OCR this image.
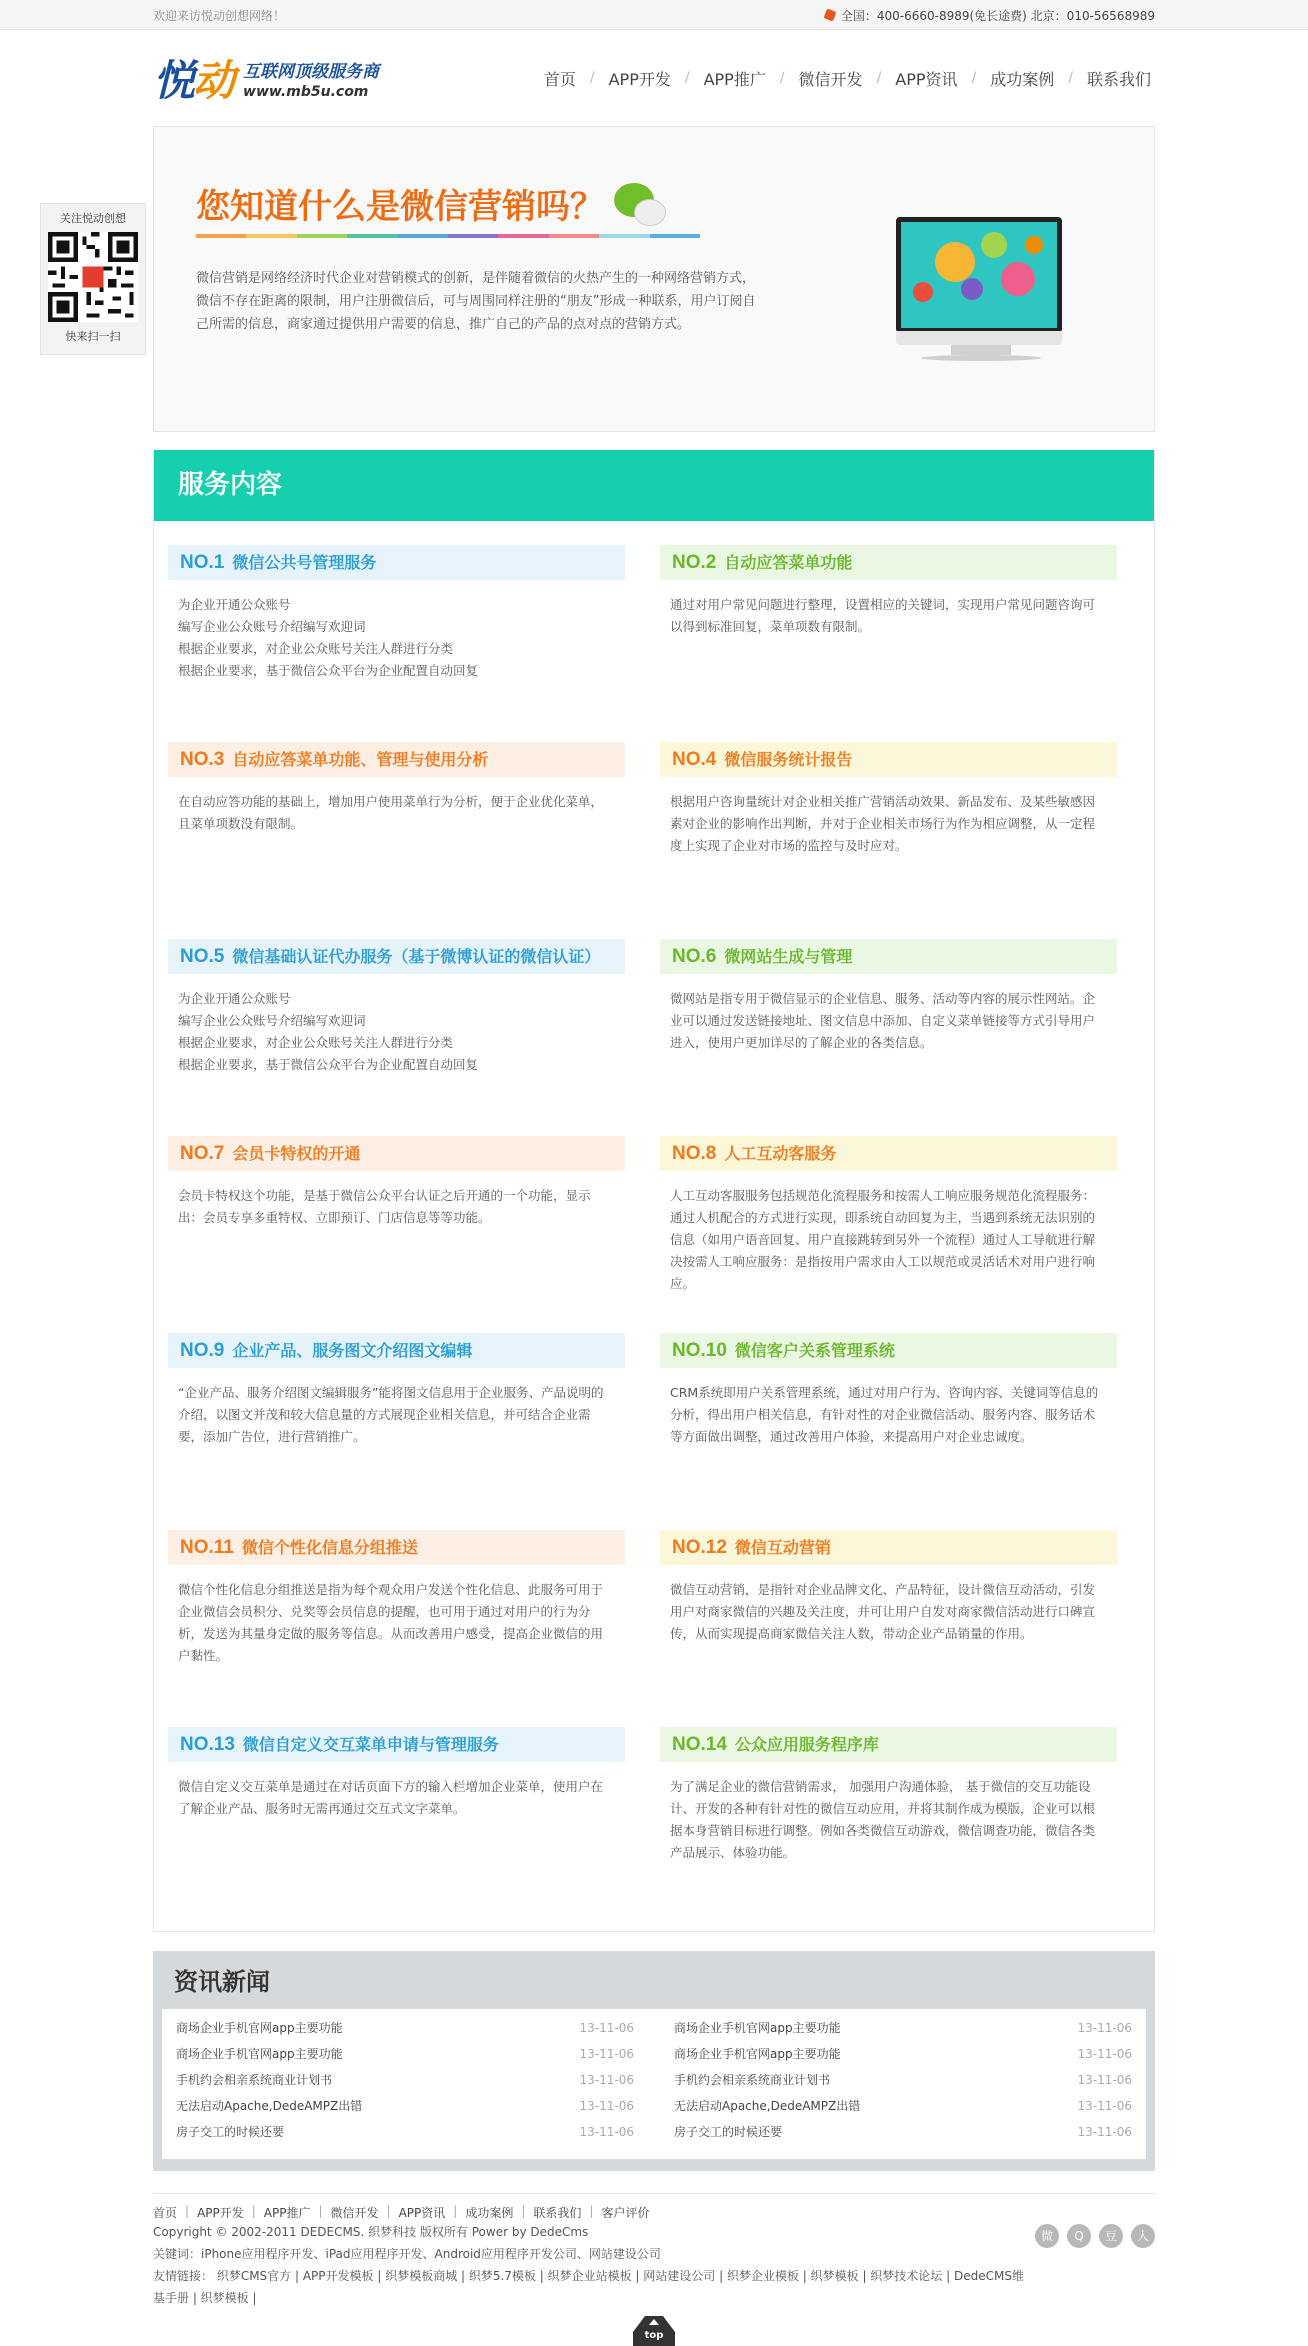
欢迎来访悦动创想网络！	全国：400-6660-8989(免长途费) 北京：010-56568989
悦动 互联网顶级服务商
www.mb5u.com
首页 / APP开发 / APP推广 / 微信开发 / APP资讯 / 成功案例 / 联系我们
您知道什么是微信营销吗？

微信营销是网络经济时代企业对营销模式的创新，是伴随着微信的火热产生的一种网络营销方式，微信不存在距离的限制，用户注册微信后，可与周围同样注册的“朋友”形成一种联系，用户订阅自己所需的信息，商家通过提供用户需要的信息，推广自己的产品的点对点的营销方式。

关注悦动创想
快来扫一扫
服务内容
NO.1 微信公共号管理服务
为企业开通公众账号
编写企业公众账号介绍编写欢迎词
根据企业要求，对企业公众账号关注人群进行分类
根据企业要求，基于微信公众平台为企业配置自动回复
NO.2 自动应答菜单功能
通过对用户常见问题进行整理，设置相应的关键词，实现用户常见问题咨询可以得到标准回复，菜单项数有限制。
NO.3 自动应答菜单功能、管理与使用分析
在自动应答功能的基础上，增加用户使用菜单行为分析，便于企业优化菜单，且菜单项数没有限制。
NO.4 微信服务统计报告
根据用户咨询量统计对企业相关推广营销活动效果、新品发布、及某些敏感因素对企业的影响作出判断，并对于企业相关市场行为作为相应调整，从一定程度上实现了企业对市场的监控与及时应对。
NO.5 微信基础认证代办服务（基于微博认证的微信认证）
为企业开通公众账号
编写企业公众账号介绍编写欢迎词
根据企业要求，对企业公众账号关注人群进行分类
根据企业要求，基于微信公众平台为企业配置自动回复
NO.6 微网站生成与管理
微网站是指专用于微信显示的企业信息、服务、活动等内容的展示性网站。企业可以通过发送链接地址、图文信息中添加、自定义菜单链接等方式引导用户进入，使用户更加详尽的了解企业的各类信息。
NO.7 会员卡特权的开通
会员卡特权这个功能，是基于微信公众平台认证之后开通的一个功能，显示出：会员专享多重特权、立即预订、门店信息等等功能。
NO.8 人工互动客服务
人工互动客服服务包括规范化流程服务和按需人工响应服务规范化流程服务：通过人机配合的方式进行实现，即系统自动回复为主，当遇到系统无法识别的信息（如用户语音回复、用户直接跳转到另外一个流程）通过人工导航进行解决按需人工响应服务：是指按用户需求由人工以规范或灵活话术对用户进行响应。
NO.9 企业产品、服务图文介绍图文编辑
“企业产品、服务介绍图文编辑服务”能将图文信息用于企业服务、产品说明的介绍，以图文并茂和较大信息量的方式展现企业相关信息，并可结合企业需要，添加广告位，进行营销推广。
NO.10 微信客户关系管理系统
CRM系统即用户关系管理系统，通过对用户行为、咨询内容、关键词等信息的分析，得出用户相关信息，有针对性的对企业微信活动、服务内容、服务话术等方面做出调整，通过改善用户体验，来提高用户对企业忠诚度。
NO.11 微信个性化信息分组推送
微信个性化信息分组推送是指为每个观众用户发送个性化信息、此服务可用于企业微信会员积分、兑奖等会员信息的提醒，也可用于通过对用户的行为分析，发送为其量身定做的服务等信息。从而改善用户感受，提高企业微信的用户黏性。
NO.12 微信互动营销
微信互动营销，是指针对企业品牌文化、产品特征，设计微信互动活动，引发用户对商家微信的兴趣及关注度，并可让用户自发对商家微信活动进行口碑宣传，从而实现提高商家微信关注人数，带动企业产品销量的作用。
NO.13 微信自定义交互菜单申请与管理服务
微信自定义交互菜单是通过在对话页面下方的输入栏增加企业菜单，使用户在了解企业产品、服务时无需再通过交互式文字菜单。
NO.14 公众应用服务程序库
为了满足企业的微信营销需求， 加强用户沟通体验， 基于微信的交互功能设计、开发的各种有针对性的微信互动应用，并将其制作成为模版，企业可以根据本身营销目标进行调整。例如各类微信互动游戏，微信调查功能，微信各类产品展示、体验功能。
资讯新闻
商场企业手机官网app主要功能	13-11-06
商场企业手机官网app主要功能	13-11-06
手机约会相亲系统商业计划书	13-11-06
无法启动Apache,DedeAMPZ出错	13-11-06
房子交工的时候还要	13-11-06
商场企业手机官网app主要功能	13-11-06
商场企业手机官网app主要功能	13-11-06
手机约会相亲系统商业计划书	13-11-06
无法启动Apache,DedeAMPZ出错	13-11-06
房子交工的时候还要	13-11-06
首页 | APP开发 | APP推广 | 微信开发 | APP资讯 | 成功案例 | 联系我们 | 客户评价
Copyright © 2002-2011 DEDECMS. 织梦科技 版权所有 Power by DedeCms
关键词：iPhone应用程序开发、iPad应用程序开发、Android应用程序开发公司、网站建设公司
友情链接： 织梦CMS官方 | APP开发模板 | 织梦模板商城 | 织梦5.7模板 | 织梦企业站模板 | 网站建设公司 | 织梦企业模板 | 织梦模板 | 织梦技术论坛 | DedeCMS维基手册 | 织梦模板 |
微	Q	豆	人
top
